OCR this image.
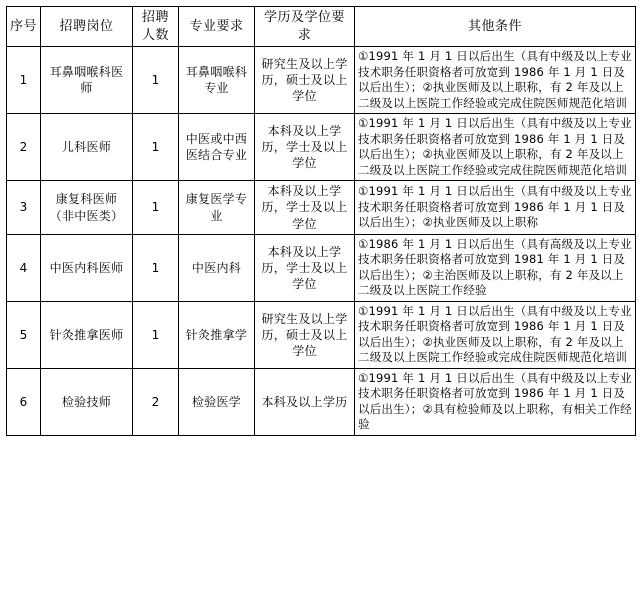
序号	招聘岗位	招聘人数	专业要求	学历及学位要求	其他条件
1	耳鼻咽喉科医师	1	耳鼻咽喉科专业	研究生及以上学历，硕士及以上学位	①1991 年 1 月 1 日以后出生（具有中级及以上专业技术职务任职资格者可放宽到 1986 年 1 月 1 日及以后出生）；②执业医师及以上职称，有 2 年及以上二级及以上医院工作经验或完成住院医师规范化培训
2	儿科医师	1	中医或中西医结合专业	本科及以上学历，学士及以上学位	①1991 年 1 月 1 日以后出生（具有中级及以上专业技术职务任职资格者可放宽到 1986 年 1 月 1 日及以后出生）；②执业医师及以上职称，有 2 年及以上二级及以上医院工作经验或完成住院医师规范化培训
3	康复科医师（非中医类）	1	康复医学专业	本科及以上学历，学士及以上学位	①1991 年 1 月 1 日以后出生（具有中级及以上专业技术职务任职资格者可放宽到 1986 年 1 月 1 日及以后出生）；②执业医师及以上职称
4	中医内科医师	1	中医内科	本科及以上学历，学士及以上学位	①1986 年 1 月 1 日以后出生（具有高级及以上专业技术职务任职资格者可放宽到 1981 年 1 月 1 日及以后出生）；②主治医师及以上职称，有 2 年及以上二级及以上医院工作经验
5	针灸推拿医师	1	针灸推拿学	研究生及以上学历，硕士及以上学位	①1991 年 1 月 1 日以后出生（具有中级及以上专业技术职务任职资格者可放宽到 1986 年 1 月 1 日及以后出生）；②执业医师及以上职称，有 2 年及以上二级及以上医院工作经验或完成住院医师规范化培训
6	检验技师	2	检验医学	本科及以上学历	①1991 年 1 月 1 日以后出生（具有中级及以上专业技术职务任职资格者可放宽到 1986 年 1 月 1 日及以后出生）；②具有检验师及以上职称，有相关工作经验
